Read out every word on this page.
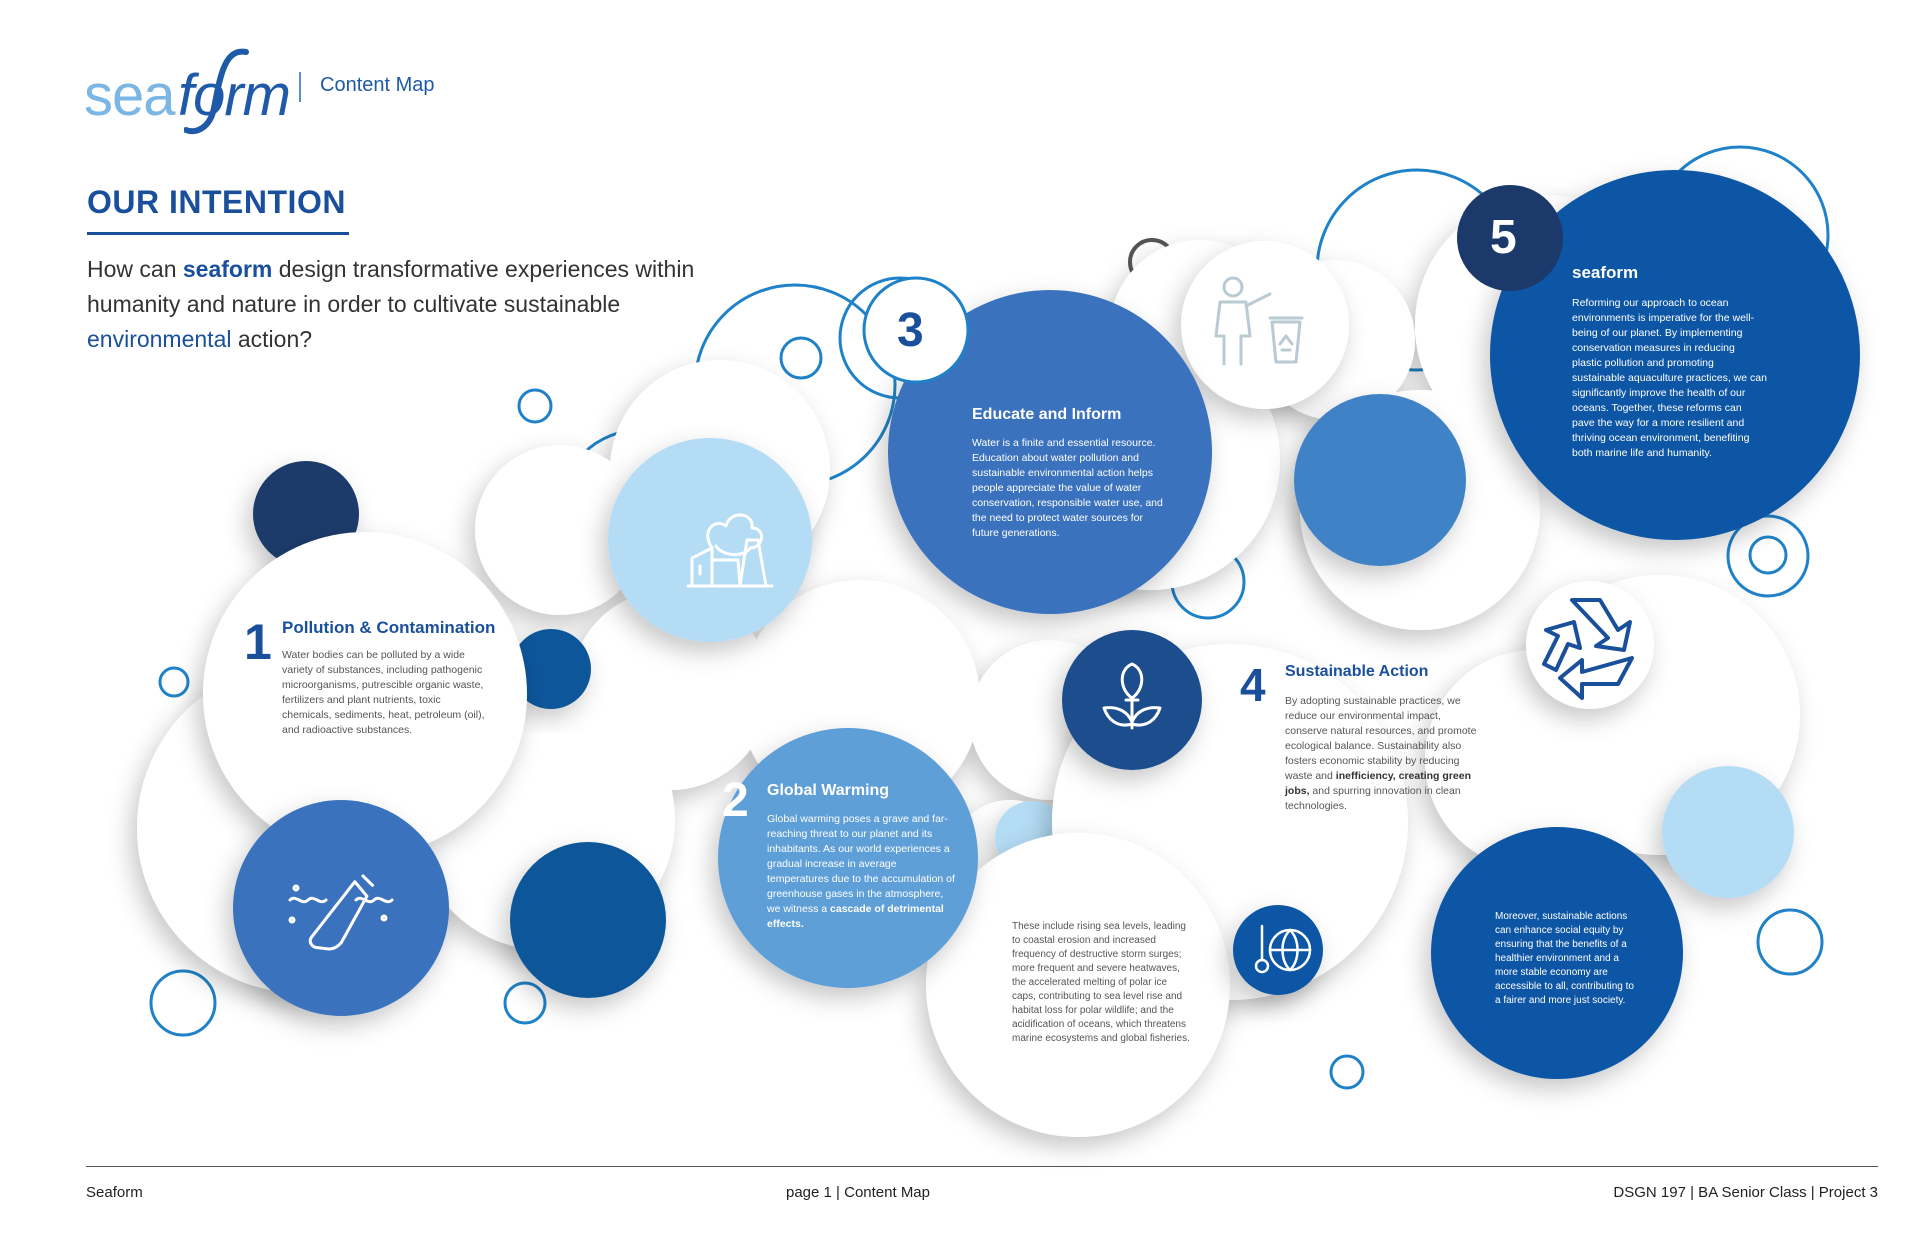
sea form Content Map
OUR INTENTION
How can seaform design transformative experiences within humanity and nature in order to cultivate sustainable environmental action?
1
2
3
4
5
Pollution & Contamination
Water bodies can be polluted by a wide variety of substances, including pathogenic microorganisms, putrescible organic waste, fertilizers and plant nutrients, toxic chemicals, sediments, heat, petroleum (oil), and radioactive substances.
Global Warming
Global warming poses a grave and far-reaching threat to our planet and its inhabitants. As our world experiences a gradual increase in average temperatures due to the accumulation of greenhouse gases in the atmosphere, we witness a cascade of detrimental effects.	These include rising sea levels, leading to coastal erosion and increased frequency of destructive storm surges; more frequent and severe heatwaves, the accelerated melting of polar ice caps, contributing to sea level rise and habitat loss for polar wildlife; and the acidification of oceans, which threatens marine ecosystems and global fisheries.
Educate and Inform
Water is a finite and essential resource. Education about water pollution and sustainable environmental action helps people appreciate the value of water conservation, responsible water use, and the need to protect water sources for future generations.
Sustainable Action
By adopting sustainable practices, we reduce our environmental impact, conserve natural resources, and promote ecological balance. Sustainability also fosters economic stability by reducing waste and inefficiency, creating green jobs, and spurring innovation in clean technologies.
Moreover, sustainable actions can enhance social equity by ensuring that the benefits of a healthier environment and a more stable economy are accessible to all, contributing to a fairer and more just society.
seaform
Reforming our approach to ocean environments is imperative for the well-being of our planet. By implementing conservation measures in reducing plastic pollution and promoting sustainable aquaculture practices, we can significantly improve the health of our oceans. Together, these reforms can pave the way for a more resilient and thriving ocean environment, benefiting both marine life and humanity.
Seaform	page 1 | Content Map	DSGN 197 | BA Senior Class | Project 3
